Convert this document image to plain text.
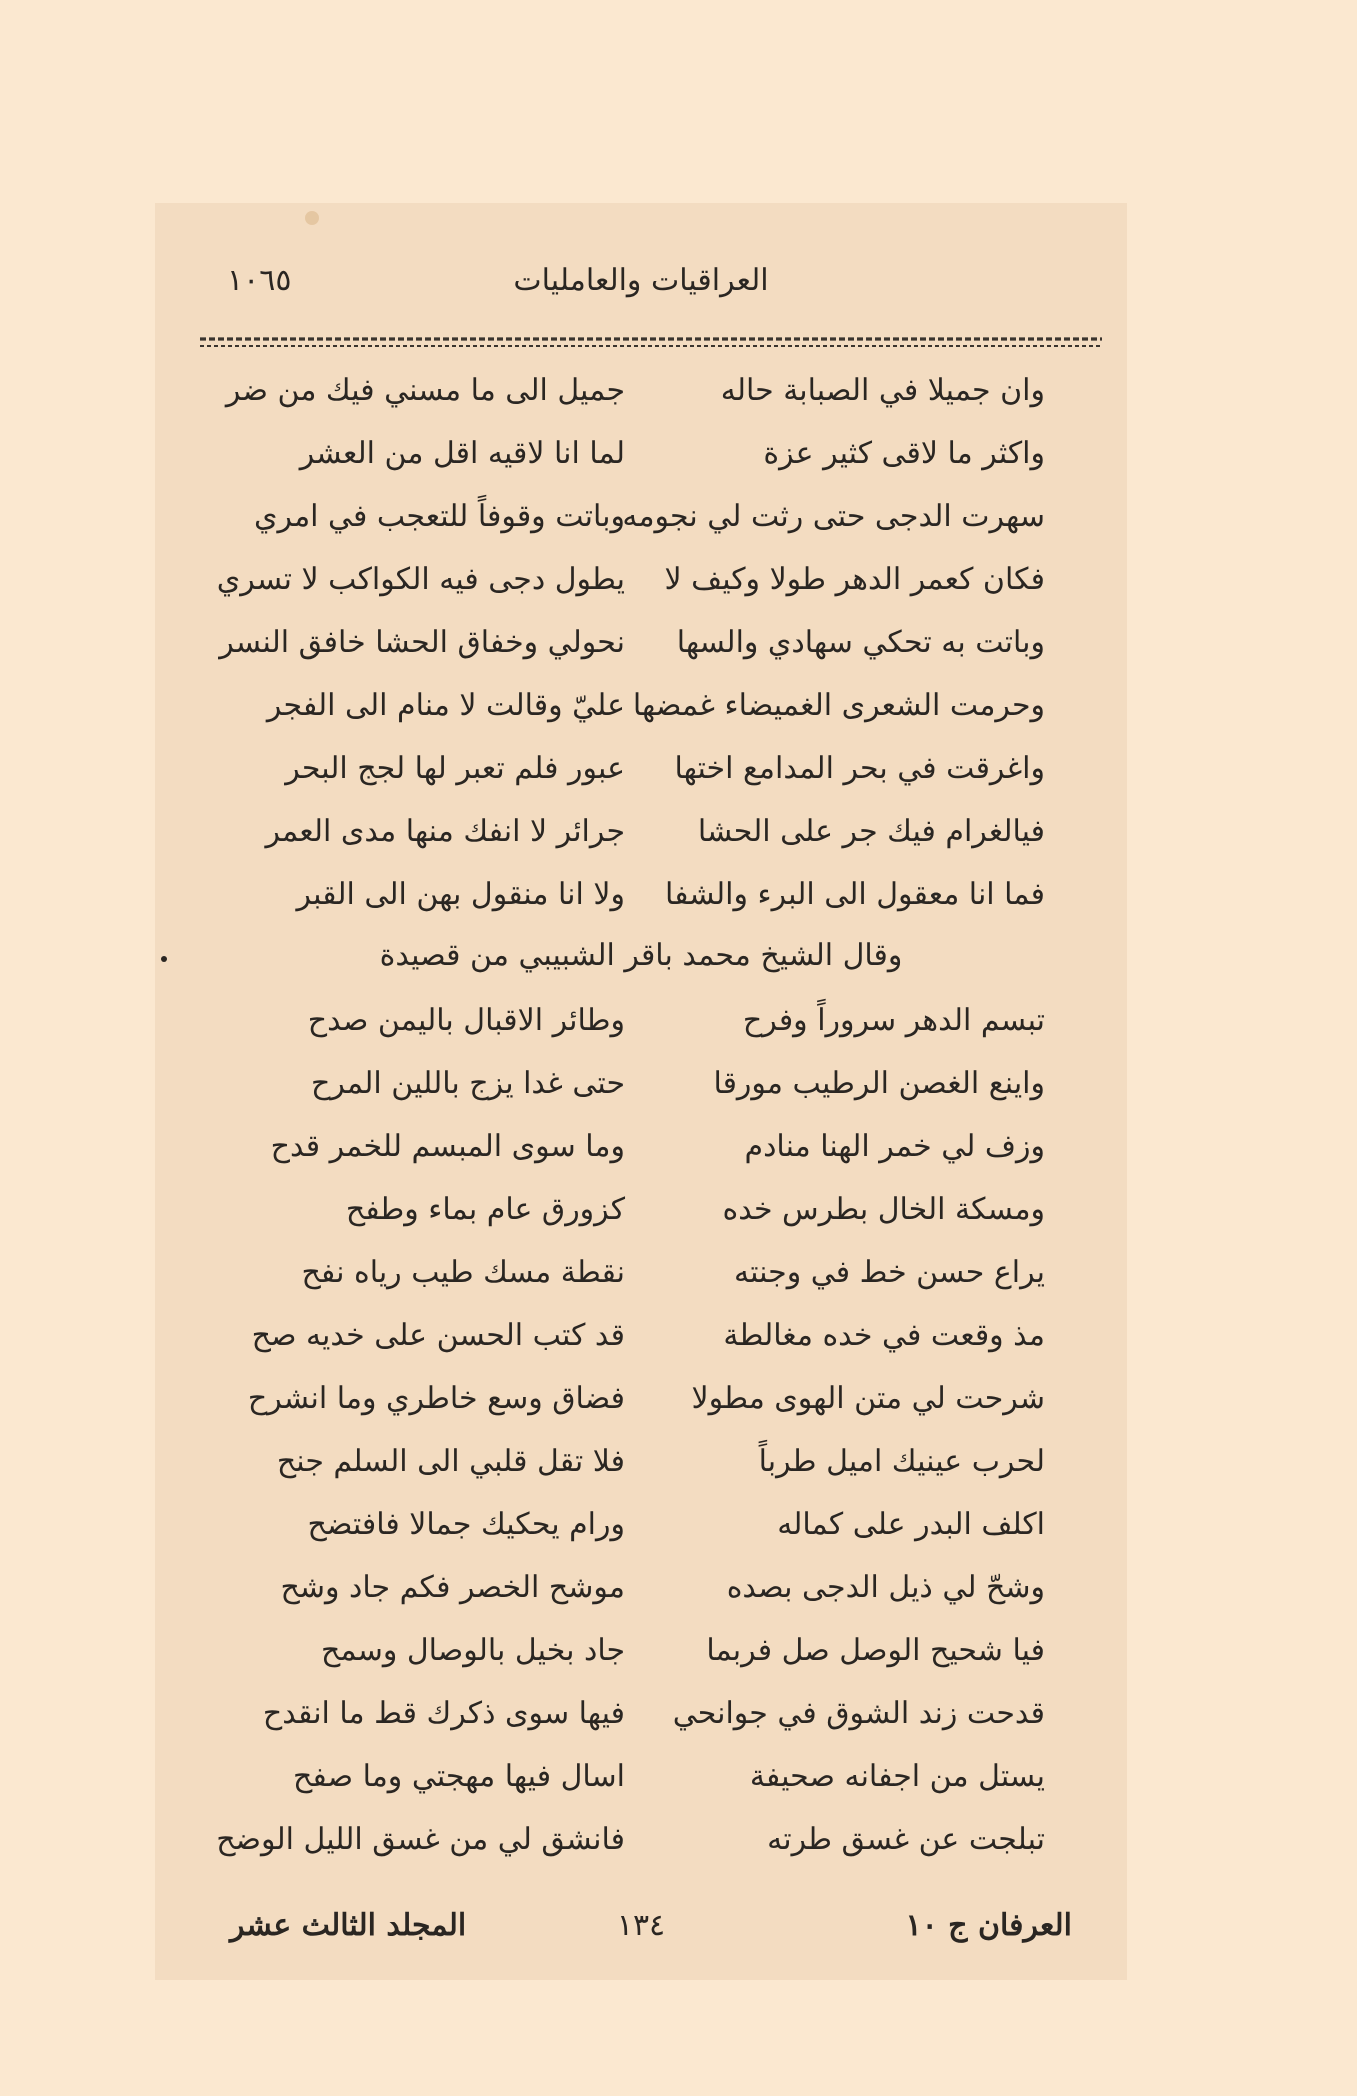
١٠٦٥	العراقيات والعامليات
وان جميلا في الصبابة حاله
جميل الى ما مسني فيك من ضر
واكثر ما لاقى كثير عزة
لما انا لاقيه اقل من العشر
سهرت الدجى حتى رثت لي نجومه
وباتت وقوفاً للتعجب في امري
فكان كعمر الدهر طولا وكيف لا
يطول دجى فيه الكواكب لا تسري
وباتت به تحكي سهادي والسها
نحولي وخفاق الحشا خافق النسر
وحرمت الشعرى الغميضاء غمضها
عليّ وقالت لا منام الى الفجر
واغرقت في بحر المدامع اختها
عبور فلم تعبر لها لجج البحر
فيالغرام فيك جر على الحشا
جرائر لا انفك منها مدى العمر
فما انا معقول الى البرء والشفا
ولا انا منقول بهن الى القبر
وقال الشيخ محمد باقر الشبيبي من قصيدة
تبسم الدهر سروراً وفرح
وطائر الاقبال باليمن صدح
واينع الغصن الرطيب مورقا
حتى غدا يزج باللين المرح
وزف لي خمر الهنا منادم
وما سوى المبسم للخمر قدح
ومسكة الخال بطرس خده
كزورق عام بماء وطفح
يراع حسن خط في وجنته
نقطة مسك طيب رياه نفح
مذ وقعت في خده مغالطة
قد كتب الحسن على خديه صح
شرحت لي متن الهوى مطولا
فضاق وسع خاطري وما انشرح
لحرب عينيك اميل طرباً
فلا تقل قلبي الى السلم جنح
اكلف البدر على كماله
ورام يحكيك جمالا فافتضح
وشحّ لي ذيل الدجى بصده
موشح الخصر فكم جاد وشح
فيا شحيح الوصل صل فربما
جاد بخيل بالوصال وسمح
قدحت زند الشوق في جوانحي
فيها سوى ذكرك قط ما انقدح
يستل من اجفانه صحيفة
اسال فيها مهجتي وما صفح
تبلجت عن غسق طرته
فانشق لي من غسق الليل الوضح
العرفان ج ١٠
١٣٤
المجلد الثالث عشر
